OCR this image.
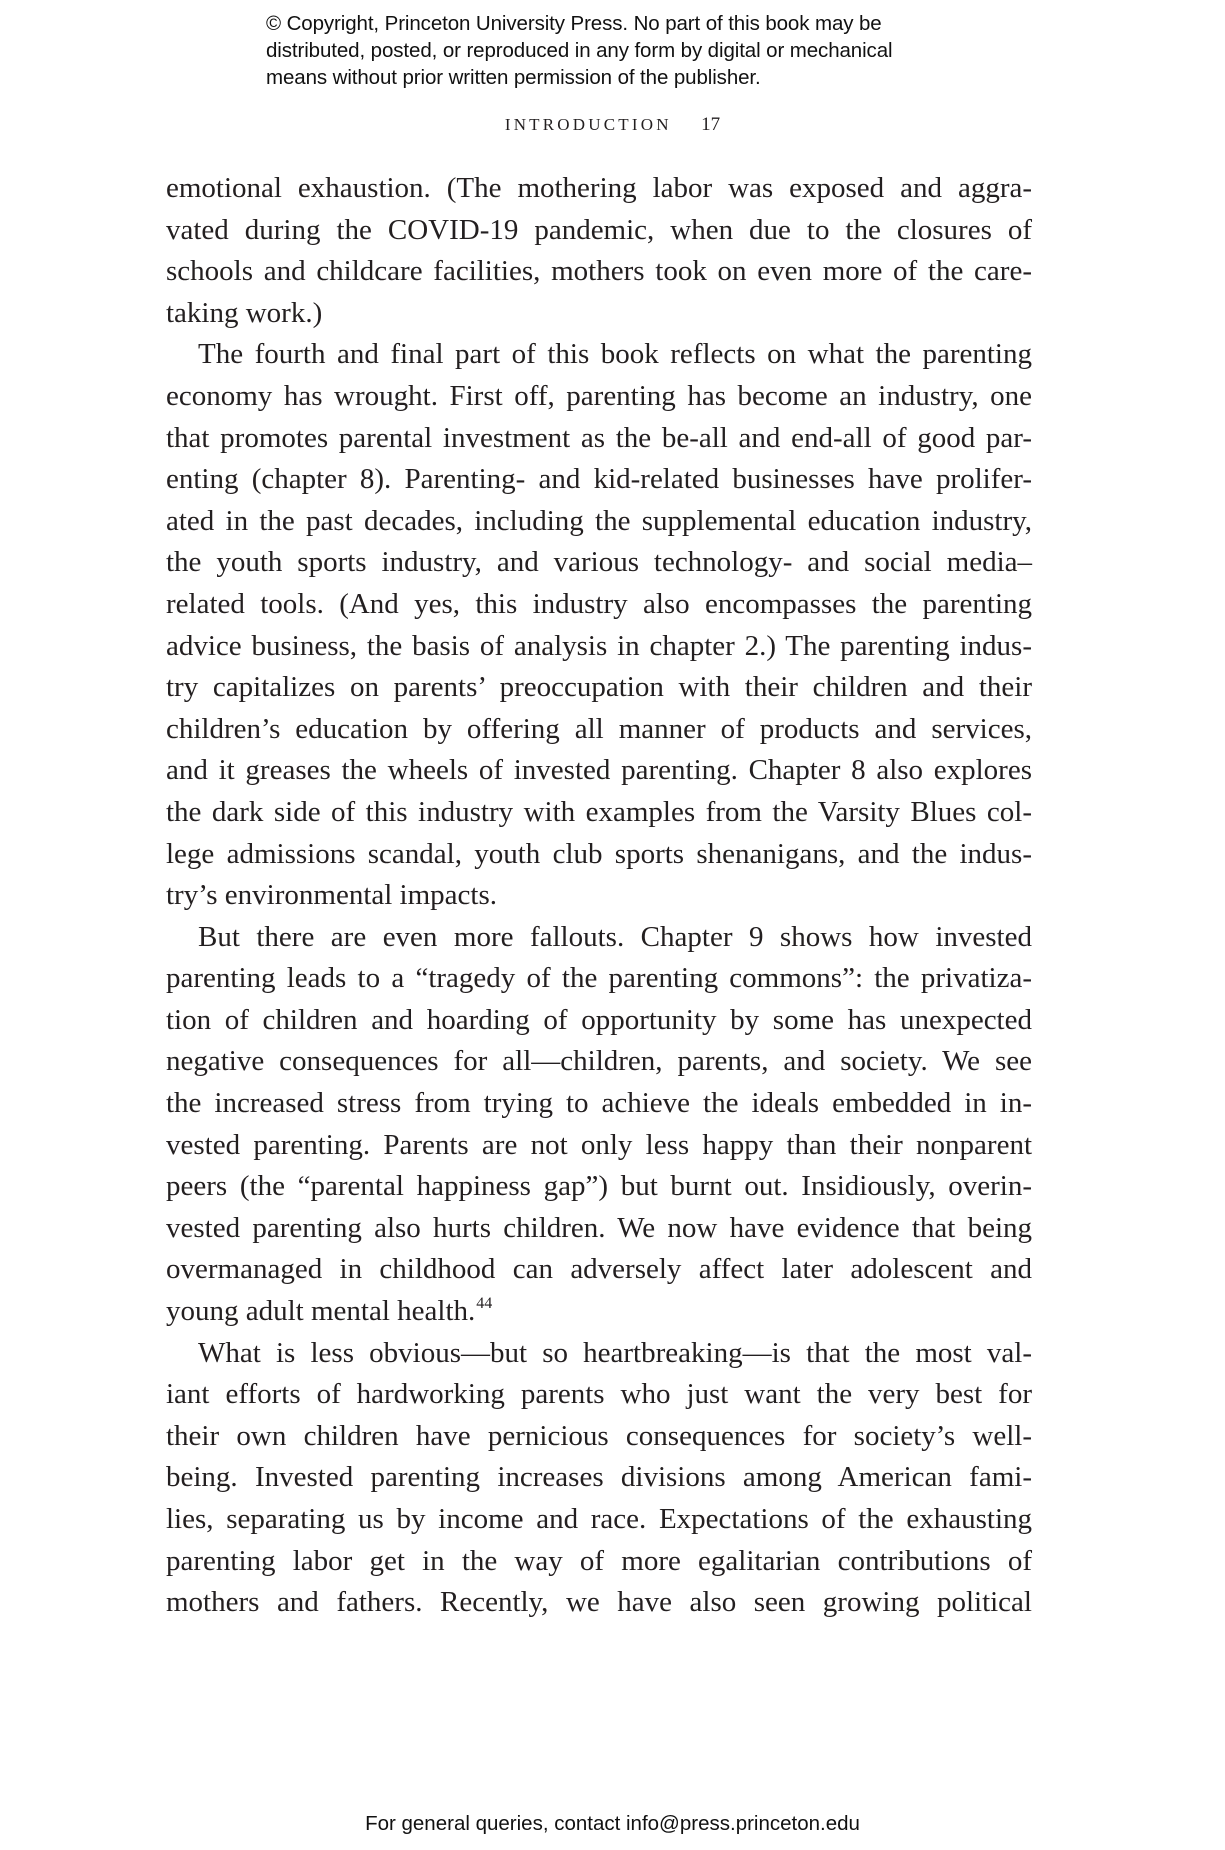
© Copyright, Princeton University Press. No part of this book may be
distributed, posted, or reproduced in any form by digital or mechanical
means without prior written permission of the publisher.
INTRODUCTION 17
emotional exhaustion. (The mothering labor was exposed and aggra-
vated during the COVID-19 pandemic, when due to the closures of
schools and childcare facilities, mothers took on even more of the care-
taking work.)
The fourth and final part of this book reflects on what the parenting
economy has wrought. First off, parenting has become an industry, one
that promotes parental investment as the be-all and end-all of good par-
enting (chapter 8). Parenting- and kid-related businesses have prolifer-
ated in the past decades, including the supplemental education industry,
the youth sports industry, and various technology- and social media–
related tools. (And yes, this industry also encompasses the parenting
advice business, the basis of analysis in chapter 2.) The parenting indus-
try capitalizes on parents’ preoccupation with their children and their
children’s education by offering all manner of products and services,
and it greases the wheels of invested parenting. Chapter 8 also explores
the dark side of this industry with examples from the Varsity Blues col-
lege admissions scandal, youth club sports shenanigans, and the indus-
try’s environmental impacts.
But there are even more fallouts. Chapter 9 shows how invested
parenting leads to a “tragedy of the parenting commons”: the privatiza-
tion of children and hoarding of opportunity by some has unexpected
negative consequences for all—children, parents, and society. We see
the increased stress from trying to achieve the ideals embedded in in-
vested parenting. Parents are not only less happy than their nonparent
peers (the “parental happiness gap”) but burnt out. Insidiously, overin-
vested parenting also hurts children. We now have evidence that being
overmanaged in childhood can adversely affect later adolescent and
young adult mental health.$^{44}$
What is less obvious—but so heartbreaking—is that the most val-
iant efforts of hardworking parents who just want the very best for
their own children have pernicious consequences for society’s well-
being. Invested parenting increases divisions among American fami-
lies, separating us by income and race. Expectations of the exhausting
parenting labor get in the way of more egalitarian contributions of
mothers and fathers. Recently, we have also seen growing political
For general queries, contact info@press.princeton.edu
